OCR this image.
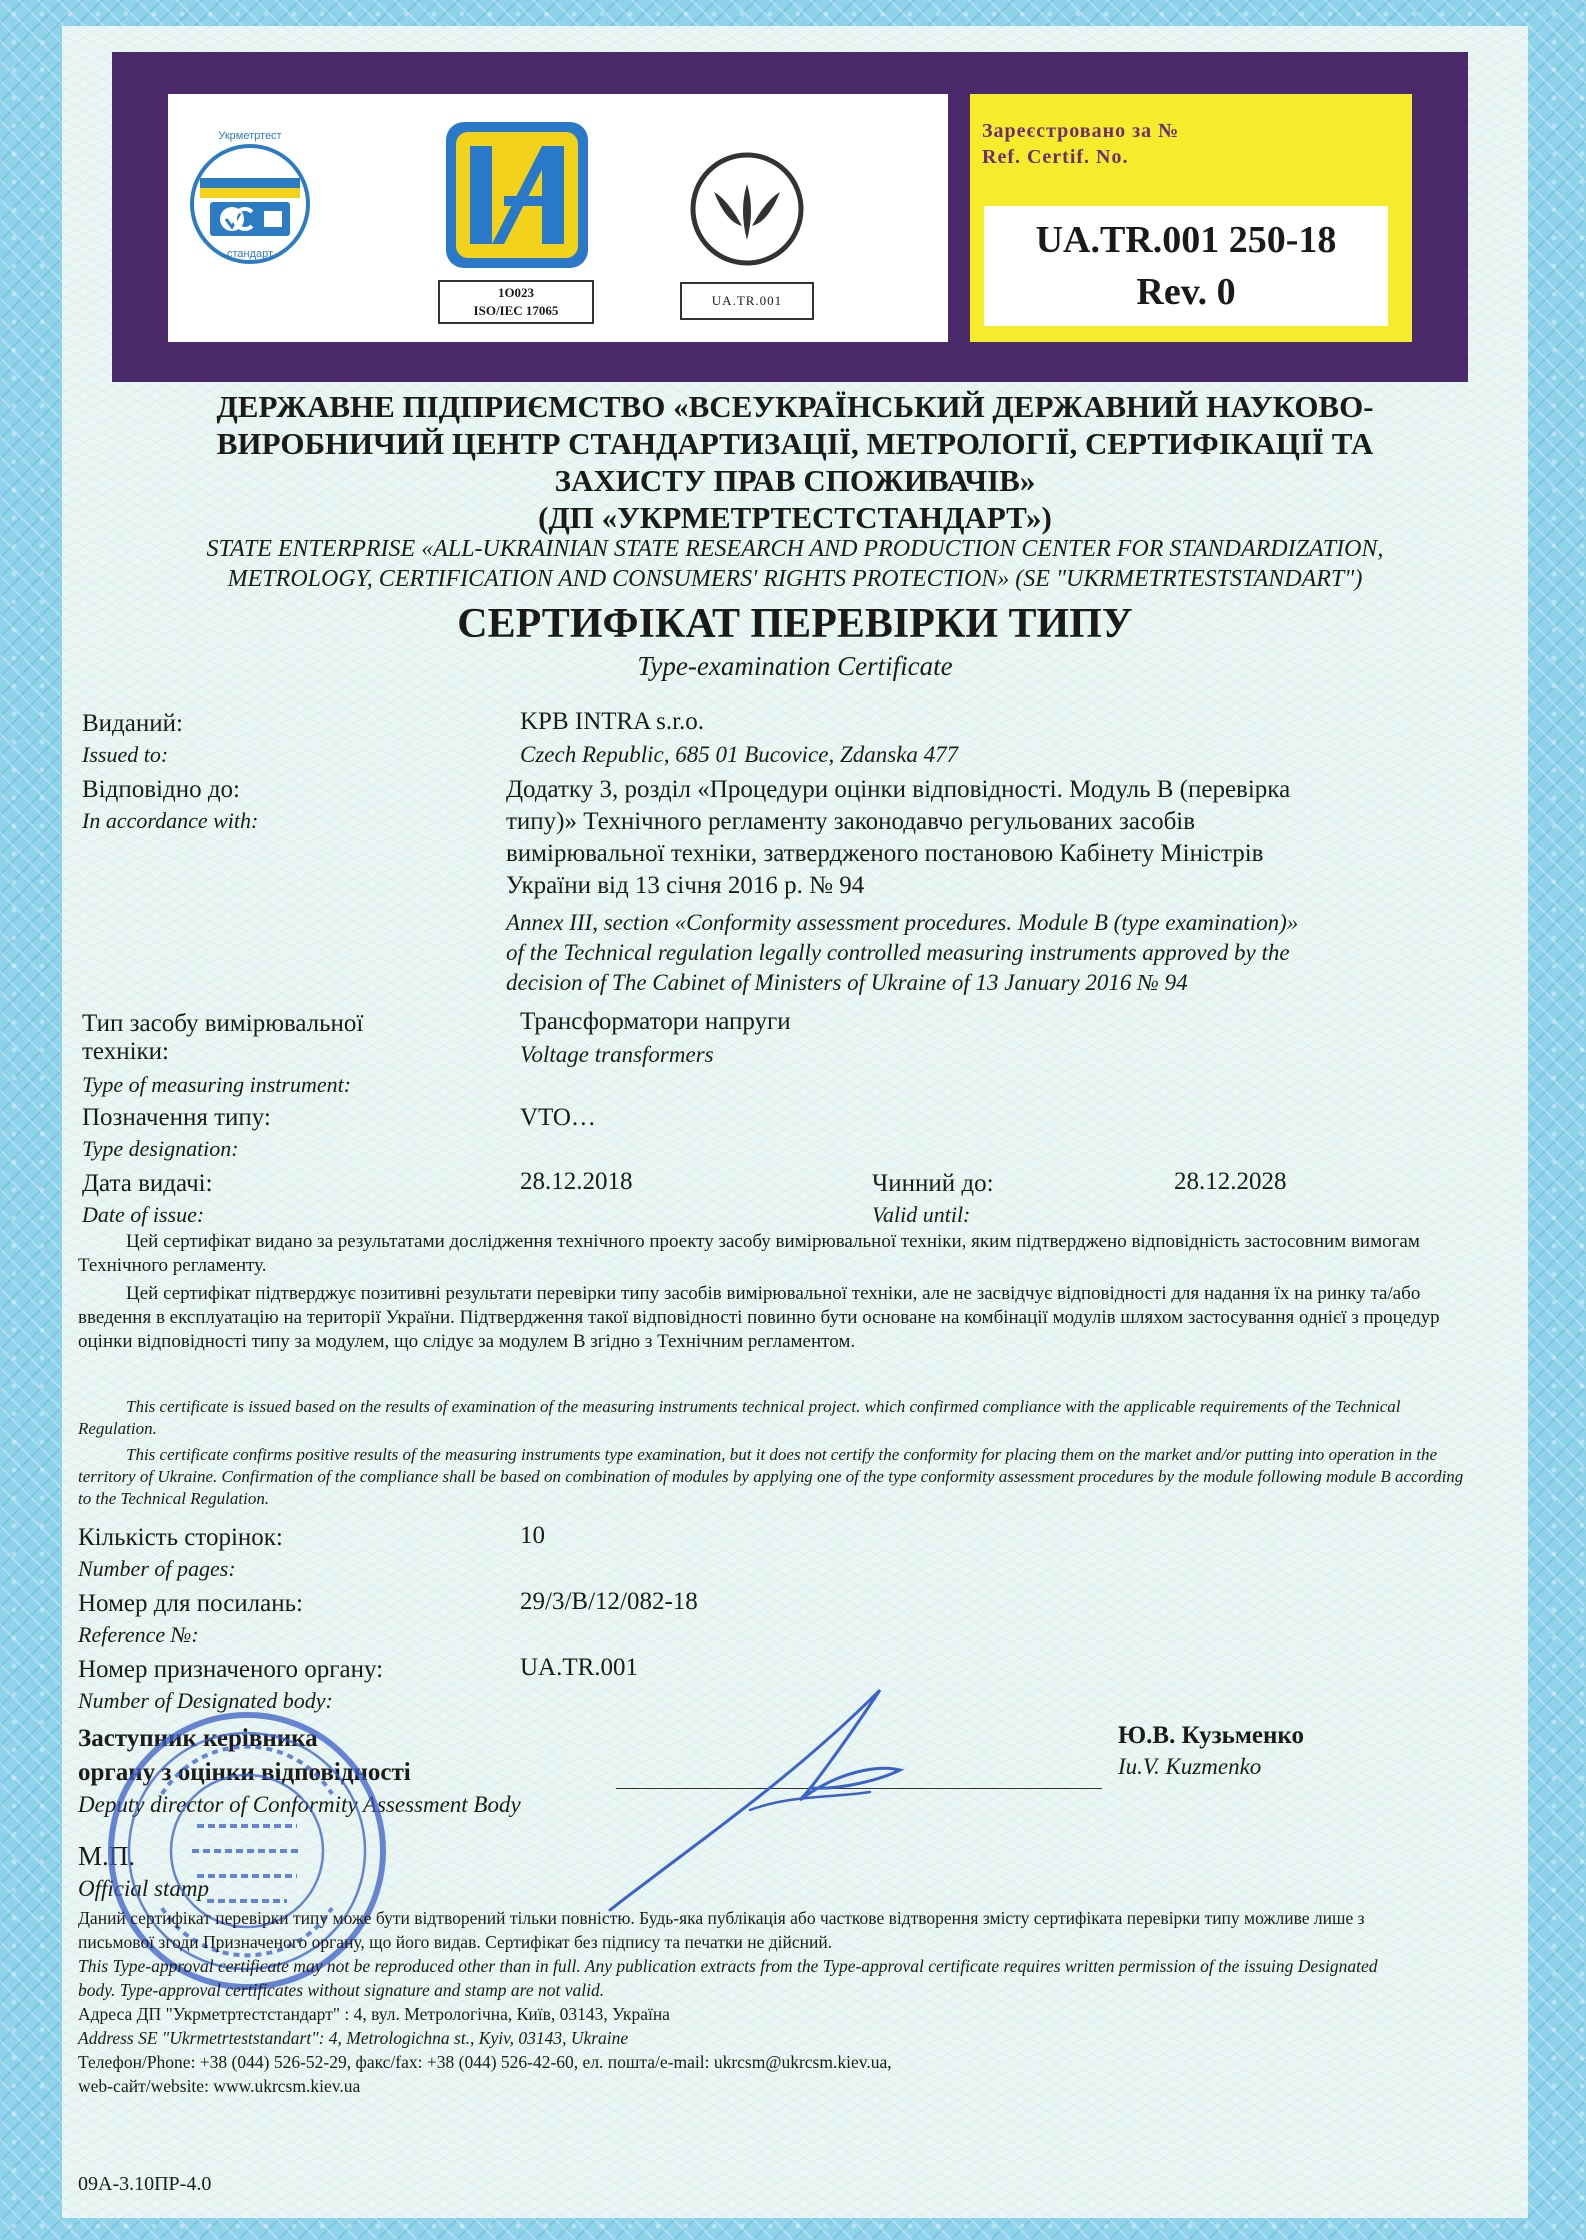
Укрметртест
стандарт
1О023
ISO/IEC 17065
UA.TR.001
Зареєстровано за №
Ref. Certif. No.
UA.TR.001 250-18
Rev. 0
ДЕРЖАВНЕ ПІДПРИЄМСТВО «ВСЕУКРАЇНСЬКИЙ ДЕРЖАВНИЙ НАУКОВО-
ВИРОБНИЧИЙ ЦЕНТР СТАНДАРТИЗАЦІЇ, МЕТРОЛОГІЇ, СЕРТИФІКАЦІЇ ТА
ЗАХИСТУ ПРАВ СПОЖИВАЧІВ»
(ДП «УКРМЕТРТЕСТСТАНДАРТ»)
STATE ENTERPRISE «ALL-UKRAINIAN STATE RESEARCH AND PRODUCTION CENTER FOR STANDARDIZATION,
METROLOGY, CERTIFICATION AND CONSUMERS' RIGHTS PROTECTION» (SE "UKRMETRTESTSTANDART")
СЕРТИФІКАТ ПЕРЕВІРКИ ТИПУ
Type-examination Certificate
Виданий:
Issued to:
KPB INTRA s.r.o.
Czech Republic, 685 01 Bucovice, Zdanska 477
Відповідно до:
In accordance with:
Додатку 3, розділ «Процедури оцінки відповідності. Модуль В (перевірка
типу)» Технічного регламенту законодавчо регульованих засобів
вимірювальної техніки, затвердженого постановою Кабінету Міністрів
України від 13 січня 2016 р. № 94
Annex III, section «Conformity assessment procedures. Module B (type examination)»
of the Technical regulation legally controlled measuring instruments approved by the
decision of The Cabinet of Ministers of Ukraine of 13 January 2016 № 94
Тип засобу вимірювальної
техніки:
Type of measuring instrument:
Трансформатори напруги
Voltage transformers
Позначення типу:
Type designation:
VTO…
Дата видачі:
Date of issue:
28.12.2018	Чинний до:
Valid until:
28.12.2028
Цей сертифікат видано за результатами дослідження технічного проекту засобу вимірювальної техніки, яким підтверджено відповідність застосовним вимогам Технічного регламенту.
Цей сертифікат підтверджує позитивні результати перевірки типу засобів вимірювальної техніки, але не засвідчує відповідності для надання їх на ринку та/або введення в експлуатацію на території України. Підтвердження такої відповідності повинно бути основане на комбінації модулів шляхом застосування однієї з процедур оцінки відповідності типу за модулем, що слідує за модулем В згідно з Технічним регламентом.
This certificate is issued based on the results of examination of the measuring instruments technical project. which confirmed compliance with the applicable requirements of the Technical Regulation.
This certificate confirms positive results of the measuring instruments type examination, but it does not certify the conformity for placing them on the market and/or putting into operation in the territory of Ukraine. Confirmation of the compliance shall be based on combination of modules by applying one of the type conformity assessment procedures by the module following module B according to the Technical Regulation.
Кількість сторінок:
Number of pages:
10
Номер для посилань:
Reference №:
29/3/B/12/082-18
Номер призначеного органу:
Number of Designated body:
UA.TR.001
Заступник керівника
органу з оцінки відповідності
Deputy director of Conformity Assessment Body
Ю.В. Кузьменко
Iu.V. Kuzmenko
М.П.
Official stamp
Даний сертифікат перевірки типу може бути відтворений тільки повністю. Будь-яка публікація або часткове відтворення змісту сертифіката перевірки типу можливе лише з письмової згоди Призначеного органу, що його видав. Сертифікат без підпису та печатки не дійсний.
This Type-approval certificate may not be reproduced other than in full. Any publication extracts from the Type-approval certificate requires written permission of the issuing Designated body. Type-approval certificates without signature and stamp are not valid.
Адреса ДП "Укрметртестстандарт" : 4, вул. Метрологічна, Київ, 03143, Україна
Address SE "Ukrmetrteststandart": 4, Metrologichna st., Kyiv, 03143, Ukraine
Телефон/Phone: +38 (044) 526-52-29, факс/fax: +38 (044) 526-42-60, ел. пошта/e-mail: ukrcsm@ukrcsm.kiev.ua,
web-сайт/website: www.ukrcsm.kiev.ua
09А-3.10ПР-4.0
